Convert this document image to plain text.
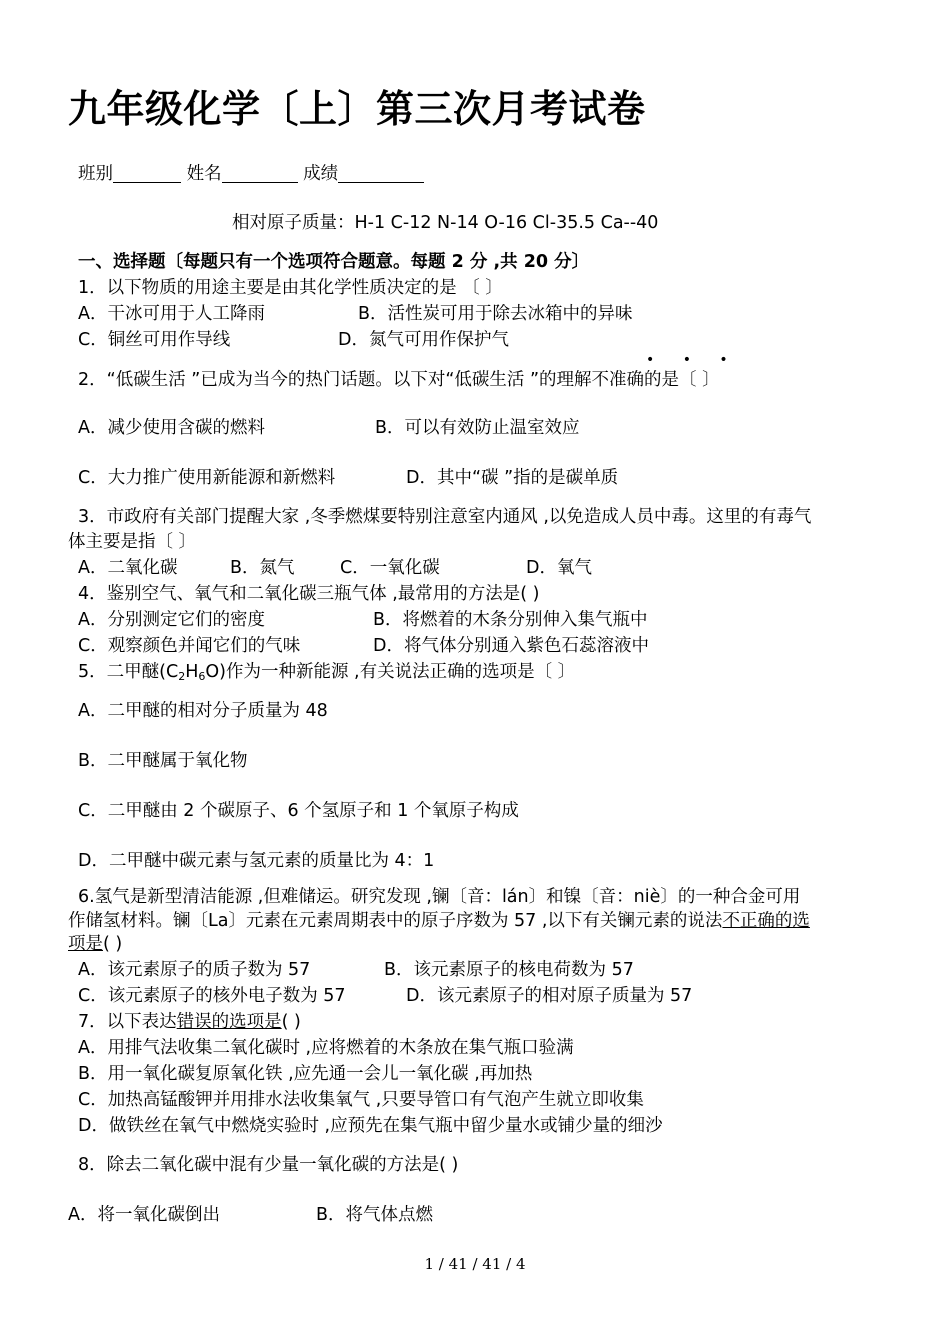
九年级化学〔上〕第三次月考试卷
班别	姓名	成绩
相对原子质量：H-1 C-12 N-14 O-16 Cl-35.5 Ca--40
一、选择题〔每题只有一个选项符合题意。每题 2 分 ,共 20 分〕
1．以下物质的用途主要是由其化学性质决定的是 〔 〕
A．干冰可用于人工降雨	B．活性炭可用于除去冰箱中的异味
C．铜丝可用作导线	D．氮气可用作保护气
• • •
2．“低碳生活 ”已成为当今的热门话题。以下对“低碳生活 ”的理解不准确的是〔 〕
A．减少使用含碳的燃料	B．可以有效防止温室效应
C．大力推广使用新能源和新燃料	D．其中“碳 ”指的是碳单质
3．市政府有关部门提醒大家 ,冬季燃煤要特别注意室内通风 ,以免造成人员中毒。这里的有毒气
体主要是指〔 〕
A．二氧化碳	B．氮气	C．一氧化碳	D．氧气
4．鉴别空气、氧气和二氧化碳三瓶气体 ,最常用的方法是( )
A．分别测定它们的密度	B．将燃着的木条分别伸入集气瓶中
C．观察颜色并闻它们的气味	D．将气体分别通入紫色石蕊溶液中
5．二甲醚$(C_2H_6O)$作为一种新能源 ,有关说法正确的选项是〔 〕
A．二甲醚的相对分子质量为 48
B．二甲醚属于氧化物
C．二甲醚由 2 个碳原子、6 个氢原子和 1 个氧原子构成
D．二甲醚中碳元素与氢元素的质量比为 4：1
6.氢气是新型清洁能源 ,但难储运。研究发现 ,镧〔音：lán〕和镍〔音：niè〕的一种合金可用
作储氢材料。镧〔La〕元素在元素周期表中的原子序数为 57 ,以下有关镧元素的说法不正确的选
项是( )
A．该元素原子的质子数为 57	B．该元素原子的核电荷数为 57
C．该元素原子的核外电子数为 57	D．该元素原子的相对原子质量为 57
7．以下表达错误的选项是( )
A．用排气法收集二氧化碳时 ,应将燃着的木条放在集气瓶口验满
B．用一氧化碳复原氧化铁 ,应先通一会儿一氧化碳 ,再加热
C．加热高锰酸钾并用排水法收集氧气 ,只要导管口有气泡产生就立即收集
D．做铁丝在氧气中燃烧实验时 ,应预先在集气瓶中留少量水或铺少量的细沙
8．除去二氧化碳中混有少量一氧化碳的方法是( )
A．将一氧化碳倒出	B．将气体点燃
1 / 41 / 41 / 4
